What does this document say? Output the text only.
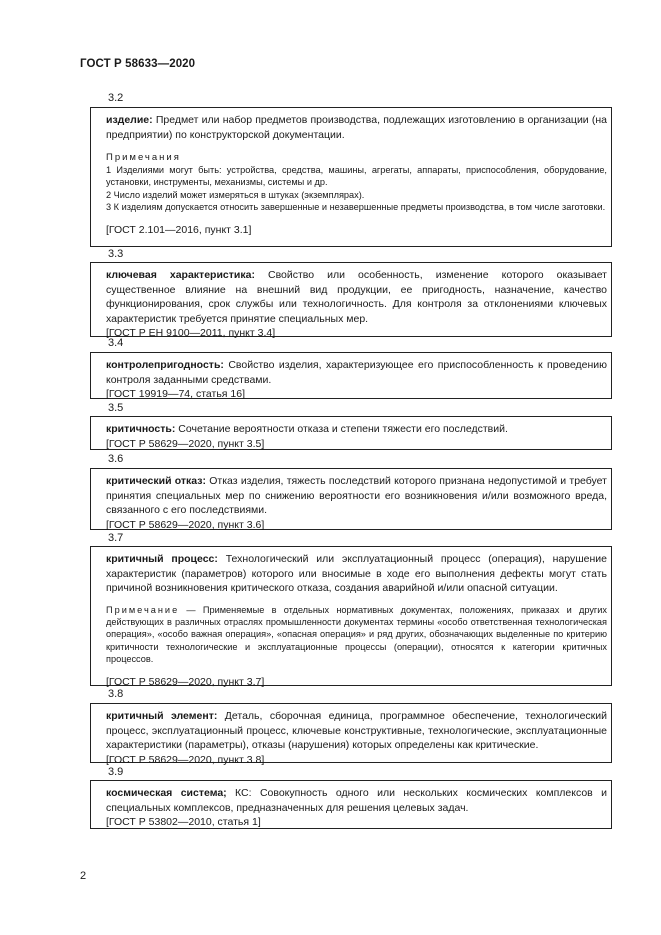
ГОСТ Р 58633—2020
3.2

изделие: Предмет или набор предметов производства, подлежащих изготовлению в организации (на предприятии) по конструкторской документации.

Примечания

1 Изделиями могут быть: устройства, средства, машины, агрегаты, аппараты, приспособления, оборудование, установки, инструменты, механизмы, системы и др.

2 Число изделий может измеряться в штуках (экземплярах).

3 К изделиям допускается относить завершенные и незавершенные предметы производства, в том числе заготовки.

[ГОСТ 2.101—2016, пункт 3.1]

3.3

ключевая характеристика: Свойство или особенность, изменение которого оказывает существенное влияние на внешний вид продукции, ее пригодность, назначение, качество функционирования, срок службы или технологичность. Для контроля за отклонениями ключевых характеристик требуется принятие специальных мер.

[ГОСТ Р ЕН 9100—2011, пункт 3.4]

3.4

контролепригодность: Свойство изделия, характеризующее его приспособленность к проведению контроля заданными средствами.

[ГОСТ 19919—74, статья 16]

3.5

критичность: Сочетание вероятности отказа и степени тяжести его последствий.

[ГОСТ Р 58629—2020, пункт 3.5]

3.6

критический отказ: Отказ изделия, тяжесть последствий которого признана недопустимой и требует принятия специальных мер по снижению вероятности его возникновения и/или возможного вреда, связанного с его последствиями.

[ГОСТ Р 58629—2020, пункт 3.6]

3.7

критичный процесс: Технологический или эксплуатационный процесс (операция), нарушение характеристик (параметров) которого или вносимые в ходе его выполнения дефекты могут стать причиной возникновения критического отказа, создания аварийной и/или опасной ситуации.

Примечание — Применяемые в отдельных нормативных документах, положениях, приказах и других действующих в различных отраслях промышленности документах термины «особо ответственная технологическая операция», «особо важная операция», «опасная операция» и ряд других, обозначающих выделенные по критерию критичности технологические и эксплуатационные процессы (операции), относятся к категории критичных процессов.

[ГОСТ Р 58629—2020, пункт 3.7]

3.8

критичный элемент: Деталь, сборочная единица, программное обеспечение, технологический процесс, эксплуатационный процесс, ключевые конструктивные, технологические, эксплуатационные характеристики (параметры), отказы (нарушения) которых определены как критические.

[ГОСТ Р 58629—2020, пункт 3.8]

3.9

космическая система; КС: Совокупность одного или нескольких космических комплексов и специальных комплексов, предназначенных для решения целевых задач.

[ГОСТ Р 53802—2010, статья 1]

2
